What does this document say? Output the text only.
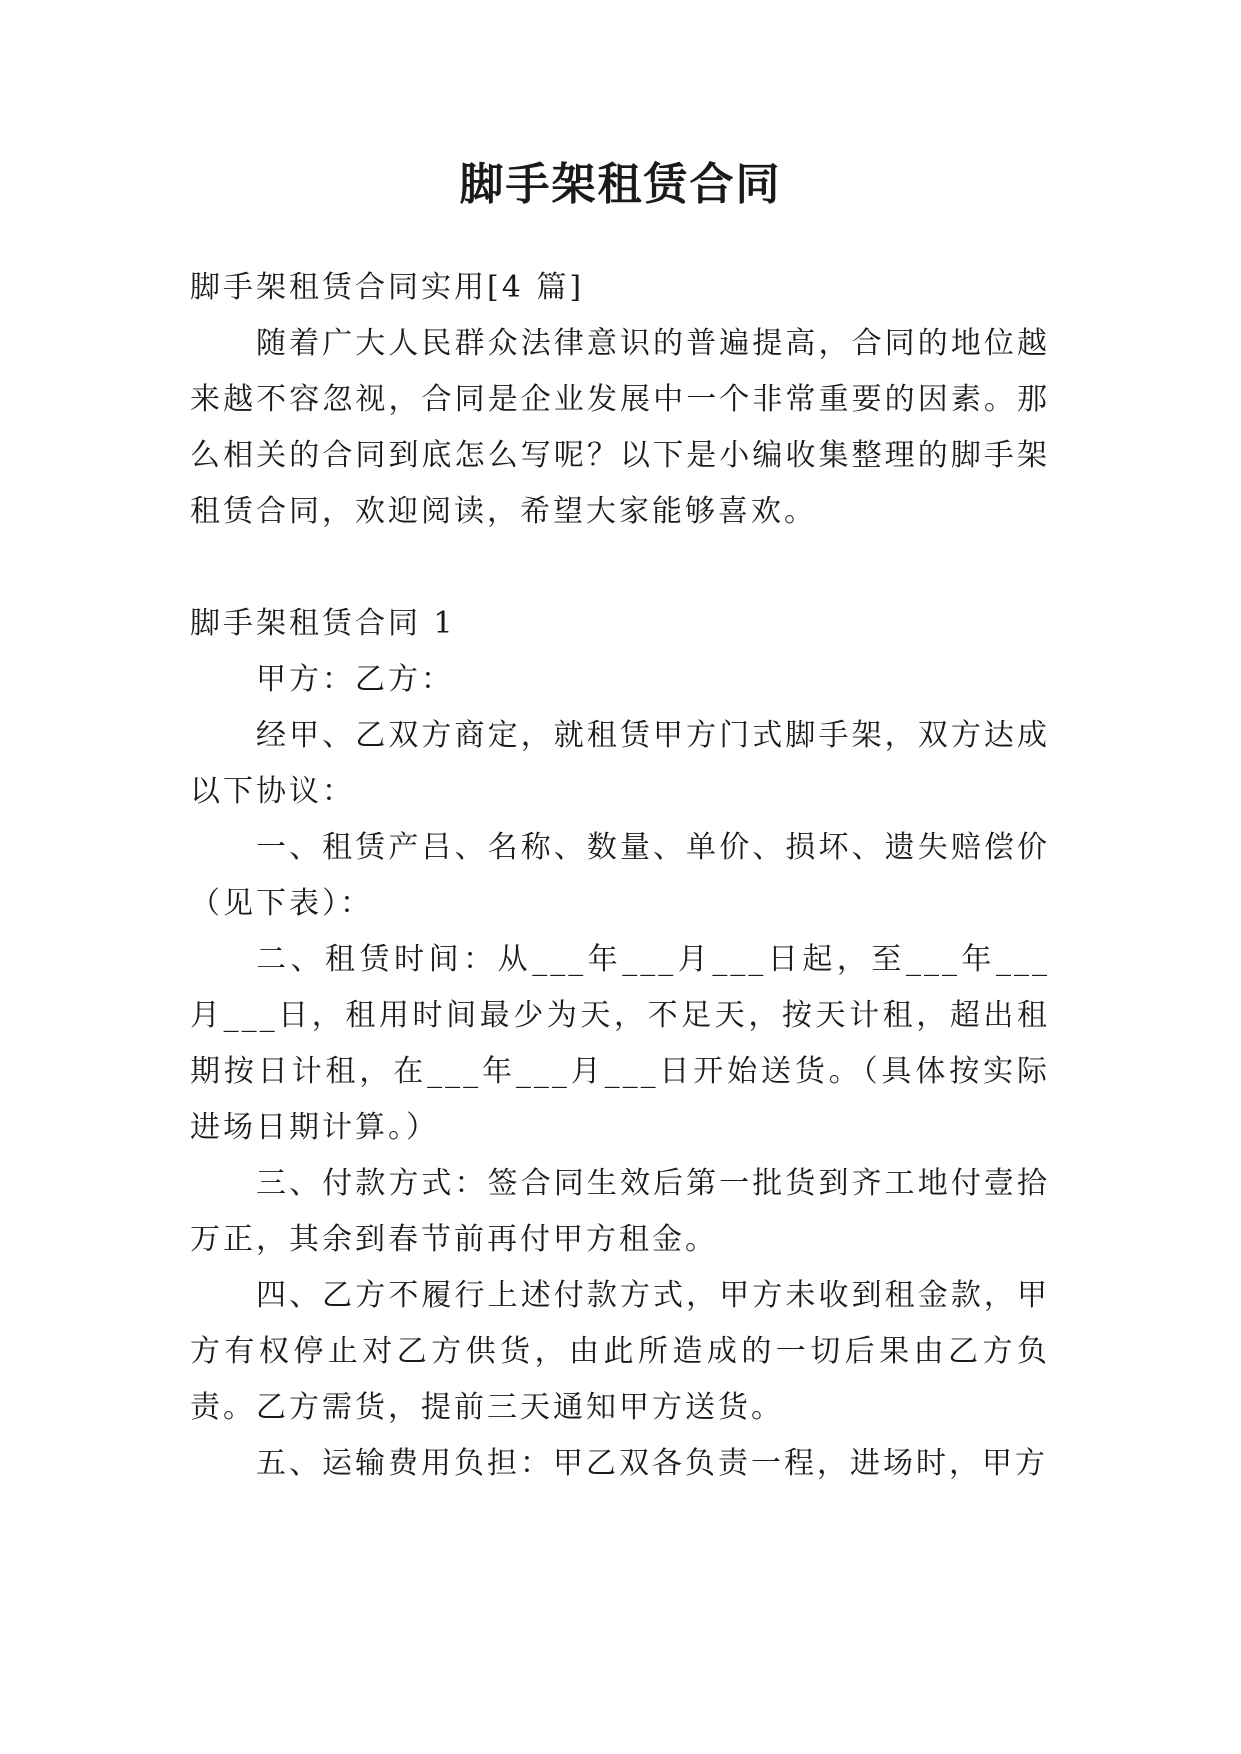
脚手架租赁合同

脚手架租赁合同实用[4 篇]

随着广大人民群众法律意识的普遍提高，合同的地位越来越不容忽视，合同是企业发展中一个非常重要的因素。那么相关的合同到底怎么写呢？以下是小编收集整理的脚手架租赁合同，欢迎阅读，希望大家能够喜欢。

脚手架租赁合同 1

甲方：乙方：

经甲、乙双方商定，就租赁甲方门式脚手架，双方达成以下协议：

一、租赁产吕、名称、数量、单价、损坏、遗失赔偿价（见下表）：

二、租赁时间：从___年___月___日起，至___年___月___日，租用时间最少为天，不足天，按天计租，超出租期按日计租，在___年___月___日开始送货。（具体按实际进场日期计算。）

三、付款方式：签合同生效后第一批货到齐工地付壹拾万正，其余到春节前再付甲方租金。

四、乙方不履行上述付款方式，甲方未收到租金款，甲方有权停止对乙方供货，由此所造成的一切后果由乙方负责。乙方需货，提前三天通知甲方送货。

五、运输费用负担：甲乙双各负责一程，进场时，甲方
